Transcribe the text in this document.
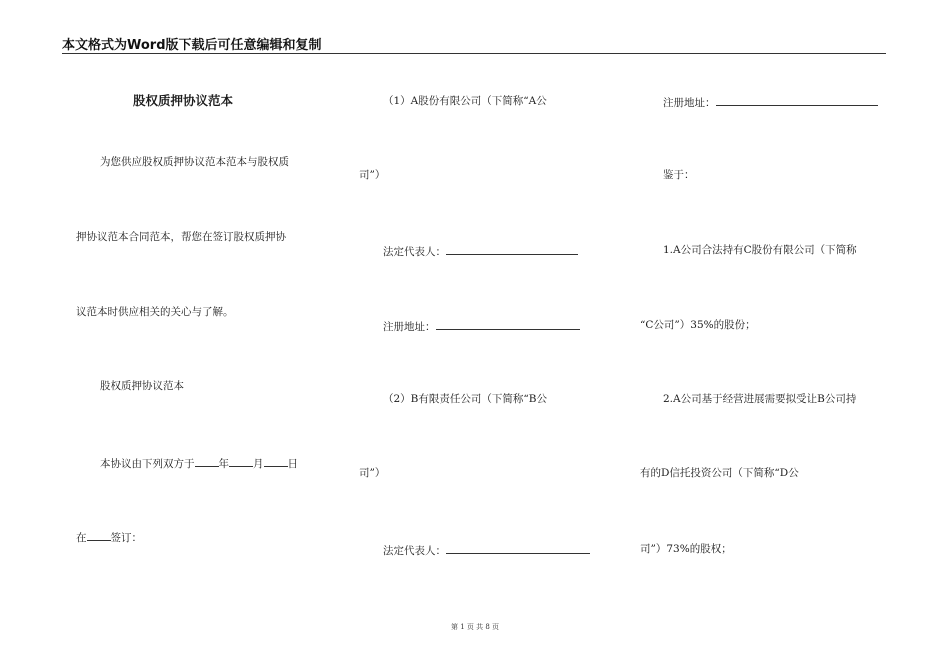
本文格式为Word版下载后可任意编辑和复制
股权质押协议范本
为您供应股权质押协议范本范本与股权质
押协议范本合同范本，帮您在签订股权质押协
议范本时供应相关的关心与了解。
股权质押协议范本
本协议由下列双方于 年 月 日
在 签订：
（1）A股份有限公司（下简称“A公
司”）
法定代表人：
注册地址：
（2）B有限责任公司（下简称“B公
司”）
法定代表人：
注册地址：
鉴于：
1.A公司合法持有C股份有限公司（下简称
“C公司”）35%的股份；
2.A公司基于经营进展需要拟受让B公司持
有的D信托投资公司（下简称“D公
司”）73%的股权；
第 1 页 共 8 页
